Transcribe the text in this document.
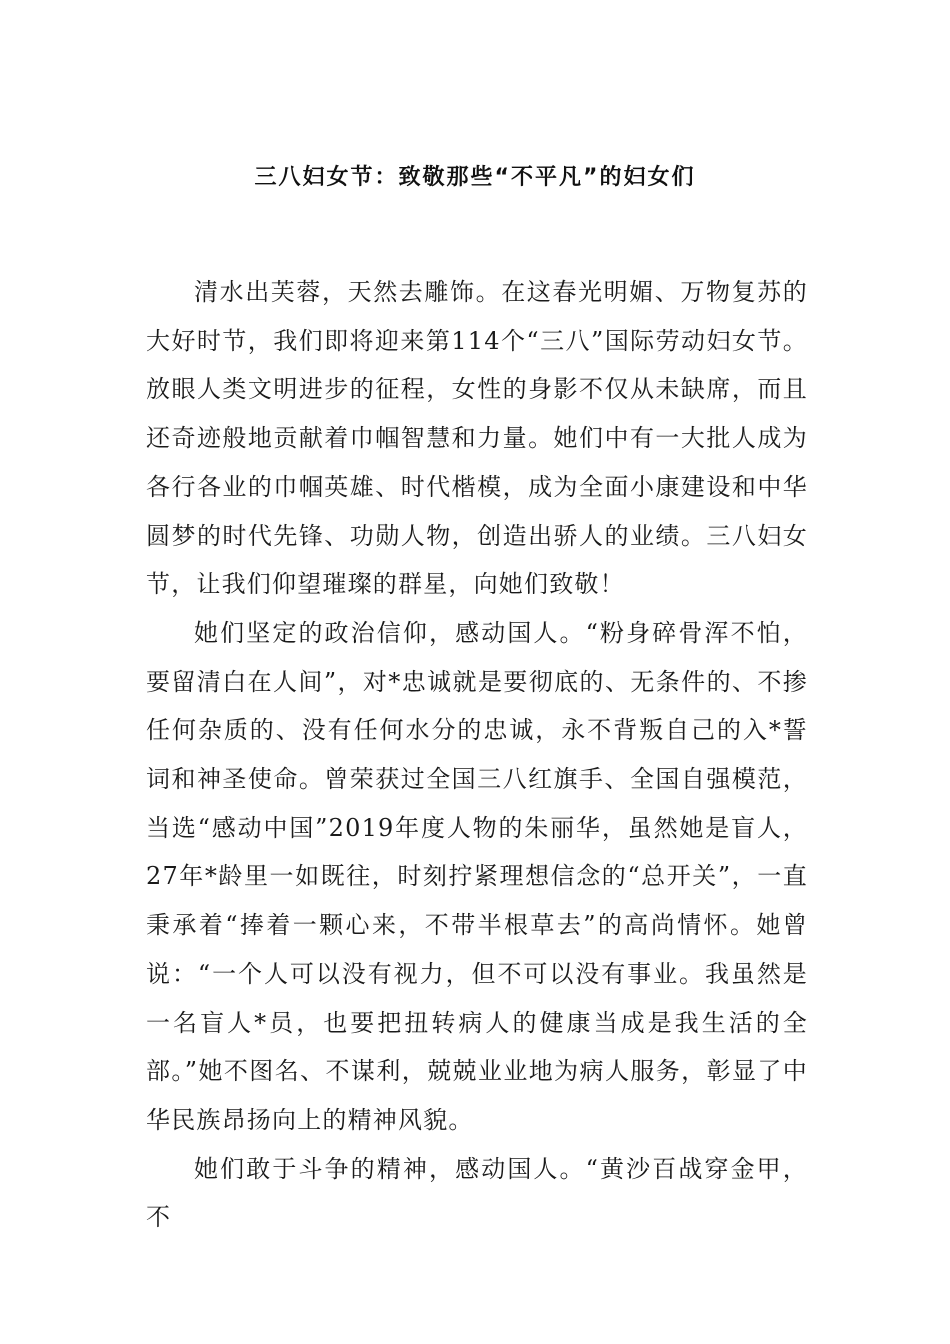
三八妇女节：致敬那些“不平凡”的妇女们

清水出芙蓉，天然去雕饰。在这春光明媚、万物复苏的大好时节，我们即将迎来第114个“三八”国际劳动妇女节。放眼人类文明进步的征程，女性的身影不仅从未缺席，而且还奇迹般地贡献着巾帼智慧和力量。她们中有一大批人成为各行各业的巾帼英雄、时代楷模，成为全面小康建设和中华圆梦的时代先锋、功勋人物，创造出骄人的业绩。三八妇女节，让我们仰望璀璨的群星，向她们致敬！

她们坚定的政治信仰，感动国人。“粉身碎骨浑不怕，要留清白在人间”，对*忠诚就是要彻底的、无条件的、不掺任何杂质的、没有任何水分的忠诚，永不背叛自己的入*誓词和神圣使命。曾荣获过全国三八红旗手、全国自强模范，当选“感动中国”2019年度人物的朱丽华，虽然她是盲人，27年*龄里一如既往，时刻拧紧理想信念的“总开关”，一直秉承着“捧着一颗心来，不带半根草去”的高尚情怀。她曾说：“一个人可以没有视力，但不可以没有事业。我虽然是一名盲人*员，也要把扭转病人的健康当成是我生活的全部。”她不图名、不谋利，兢兢业业地为病人服务，彰显了中华民族昂扬向上的精神风貌。

她们敢于斗争的精神，感动国人。“黄沙百战穿金甲，不
